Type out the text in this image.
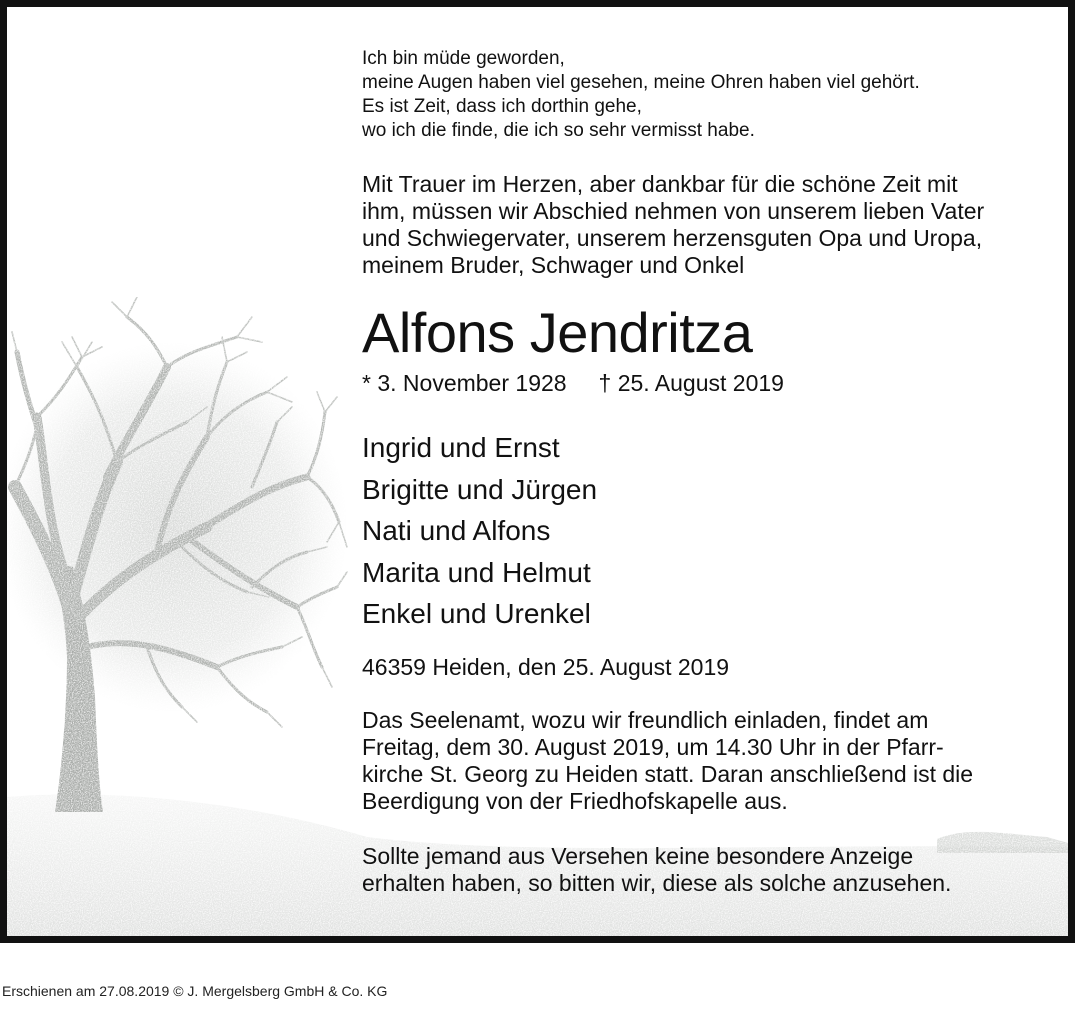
Ich bin müde geworden,

meine Augen haben viel gesehen, meine Ohren haben viel gehört.

Es ist Zeit, dass ich dorthin gehe,

wo ich die finde, die ich so sehr vermisst habe.

Mit Trauer im Herzen, aber dankbar für die schöne Zeit mit

ihm, müssen wir Abschied nehmen von unserem lieben Vater

und Schwiegervater, unserem herzensguten Opa und Uropa,

meinem Bruder, Schwager und Onkel

Alfons Jendritza
* 3. November 1928     † 25. August 2019

Ingrid und Ernst

Brigitte und Jürgen

Nati und Alfons

Marita und Helmut

Enkel und Urenkel

46359 Heiden, den 25. August 2019

Das Seelenamt, wozu wir freundlich einladen, findet am

Freitag, dem 30. August 2019, um 14.30 Uhr in der Pfarr-

kirche St. Georg zu Heiden statt. Daran anschließend ist die

Beerdigung von der Friedhofskapelle aus.

Sollte jemand aus Versehen keine besondere Anzeige

erhalten haben, so bitten wir, diese als solche anzusehen.

Erschienen am 27.08.2019 © J. Mergelsberg GmbH & Co. KG
